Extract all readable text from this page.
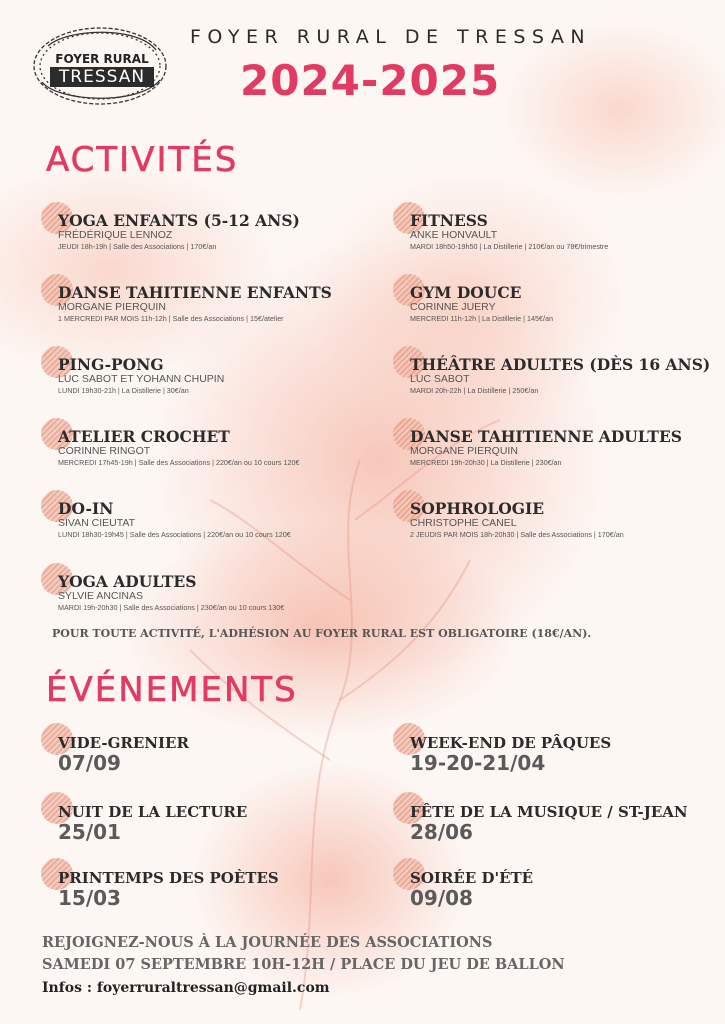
FOYER RURAL
TRESSAN
FOYER RURAL DE TRESSAN
2024-2025
ACTIVITÉS
YOGA ENFANTS (5-12 ANS)
FRÉDÉRIQUE LENNOZ
JEUDI 18h-19h | Salle des Associations | 170€/an
DANSE TAHITIENNE ENFANTS
MORGANE PIERQUIN
1 MERCREDI PAR MOIS 11h-12h | Salle des Associations | 15€/atelier
PING-PONG
LUC SABOT ET YOHANN CHUPIN
LUNDI 19h30-21h | La Distillerie | 30€/an
ATELIER CROCHET
CORINNE RINGOT
MERCREDI 17h45-19h | Salle des Associations | 220€/an ou 10 cours 120€
DO-IN
SIVAN CIEUTAT
LUNDI 18h30-19h45 | Salle des Associations | 220€/an ou 10 cours 120€
YOGA ADULTES
SYLVIE ANCINAS
MARDI 19h-20h30 | Salle des Associations | 230€/an ou 10 cours 130€
FITNESS
ANKE HONVAULT
MARDI 18h50-19h50 | La Distillerie | 210€/an ou 78€/trimestre
GYM DOUCE
CORINNE JUERY
MERCREDI 11h-12h | La Distillerie | 145€/an
THÉÂTRE ADULTES (DÈS 16 ANS)
LUC SABOT
MARDI 20h-22h | La Distillerie | 250€/an
DANSE TAHITIENNE ADULTES
MORGANE PIERQUIN
MERCREDI 19h-20h30 | La Distillerie | 230€/an
SOPHROLOGIE
CHRISTOPHE CANEL
2 JEUDIS PAR MOIS 18h-20h30 | Salle des Associations | 170€/an
POUR TOUTE ACTIVITÉ, L'ADHÉSION AU FOYER RURAL EST OBLIGATOIRE (18€/AN).
ÉVÉNEMENTS
VIDE-GRENIER
07/09
NUIT DE LA LECTURE
25/01
PRINTEMPS DES POÈTES
15/03
WEEK-END DE PÂQUES
19-20-21/04
FÊTE DE LA MUSIQUE / ST-JEAN
28/06
SOIRÉE D'ÉTÉ
09/08
REJOIGNEZ-NOUS À LA JOURNÉE DES ASSOCIATIONS
SAMEDI 07 SEPTEMBRE 10H-12H / PLACE DU JEU DE BALLON
Infos : foyerruraltressan@gmail.com
